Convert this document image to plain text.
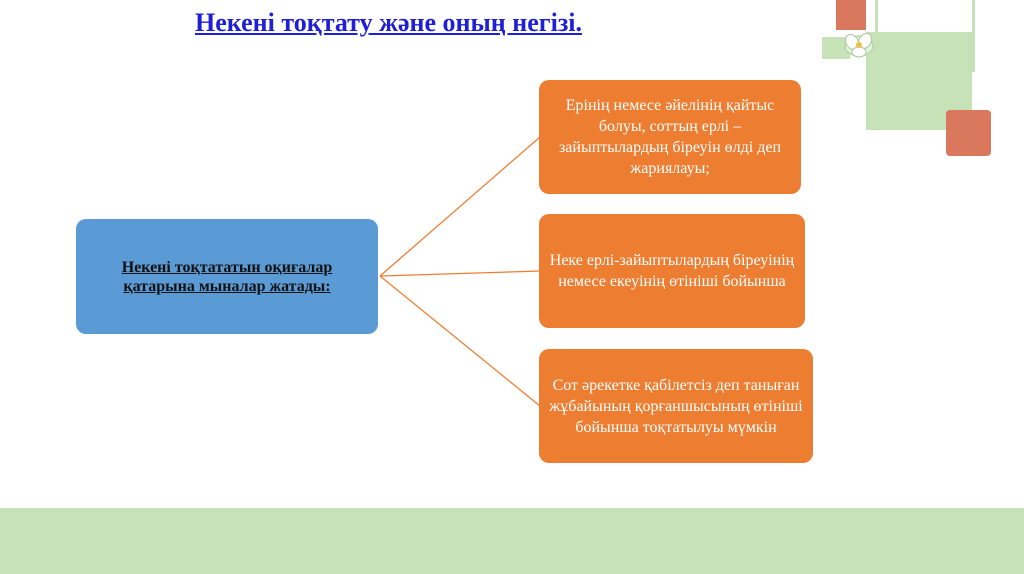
Некені тоқтату және оның негізі.
Некені тоқтататын оқиғалар қатарына мыналар жатады:
Ерінің немесе әйелінің қайтыс болуы, соттың ерлі – зайыптылардың біреуін өлді деп жариялауы;
Неке ерлі-зайыптылардың біреуінің немесе екеуінің өтініші бойынша
Сот әрекетке қабілетсіз деп таныған жұбайының қорғаншысының өтініші бойынша тоқтатылуы мүмкін
